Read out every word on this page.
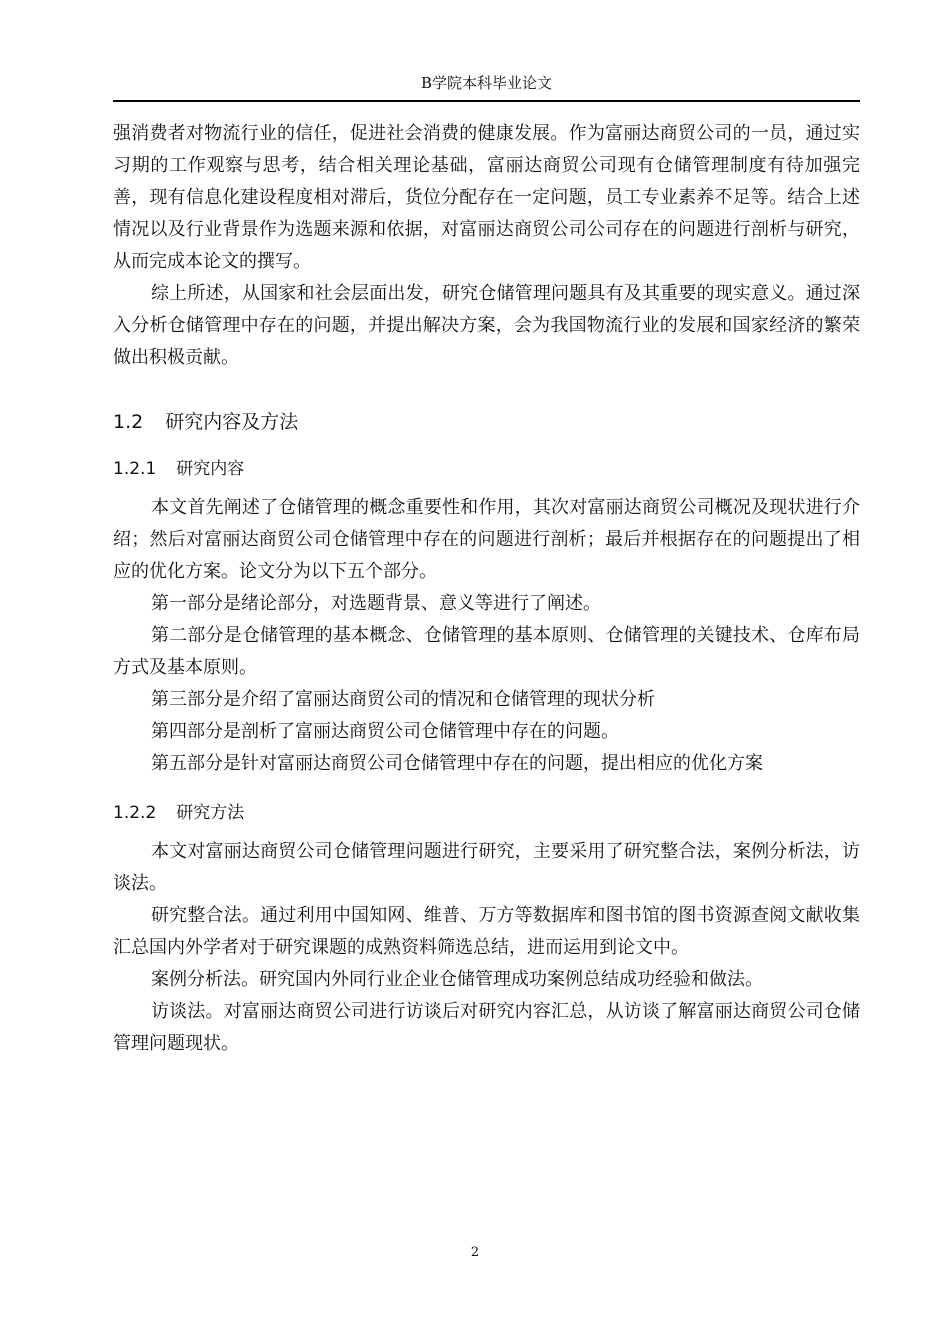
B学院本科毕业论文

强消费者对物流行业的信任，促进社会消费的健康发展。作为富丽达商贸公司的一员，通过实习期的工作观察与思考，结合相关理论基础，富丽达商贸公司现有仓储管理制度有待加强完善，现有信息化建设程度相对滞后，货位分配存在一定问题，员工专业素养不足等。结合上述情况以及行业背景作为选题来源和依据，对富丽达商贸公司公司存在的问题进行剖析与研究，从而完成本论文的撰写。

综上所述，从国家和社会层面出发，研究仓储管理问题具有及其重要的现实意义。通过深入分析仓储管理中存在的问题，并提出解决方案，会为我国物流行业的发展和国家经济的繁荣做出积极贡献。

1.2 研究内容及方法
1.2.1 研究内容

本文首先阐述了仓储管理的概念重要性和作用，其次对富丽达商贸公司概况及现状进行介绍；然后对富丽达商贸公司仓储管理中存在的问题进行剖析；最后并根据存在的问题提出了相应的优化方案。论文分为以下五个部分。

第一部分是绪论部分，对选题背景、意义等进行了阐述。

第二部分是仓储管理的基本概念、仓储管理的基本原则、仓储管理的关键技术、仓库布局方式及基本原则。

第三部分是介绍了富丽达商贸公司的情况和仓储管理的现状分析

第四部分是剖析了富丽达商贸公司仓储管理中存在的问题。

第五部分是针对富丽达商贸公司仓储管理中存在的问题，提出相应的优化方案

1.2.2 研究方法

本文对富丽达商贸公司仓储管理问题进行研究，主要采用了研究整合法，案例分析法，访谈法。

研究整合法。通过利用中国知网、维普、万方等数据库和图书馆的图书资源查阅文献收集汇总国内外学者对于研究课题的成熟资料筛选总结，进而运用到论文中。

案例分析法。研究国内外同行业企业仓储管理成功案例总结成功经验和做法。

访谈法。对富丽达商贸公司进行访谈后对研究内容汇总，从访谈了解富丽达商贸公司仓储管理问题现状。

2
